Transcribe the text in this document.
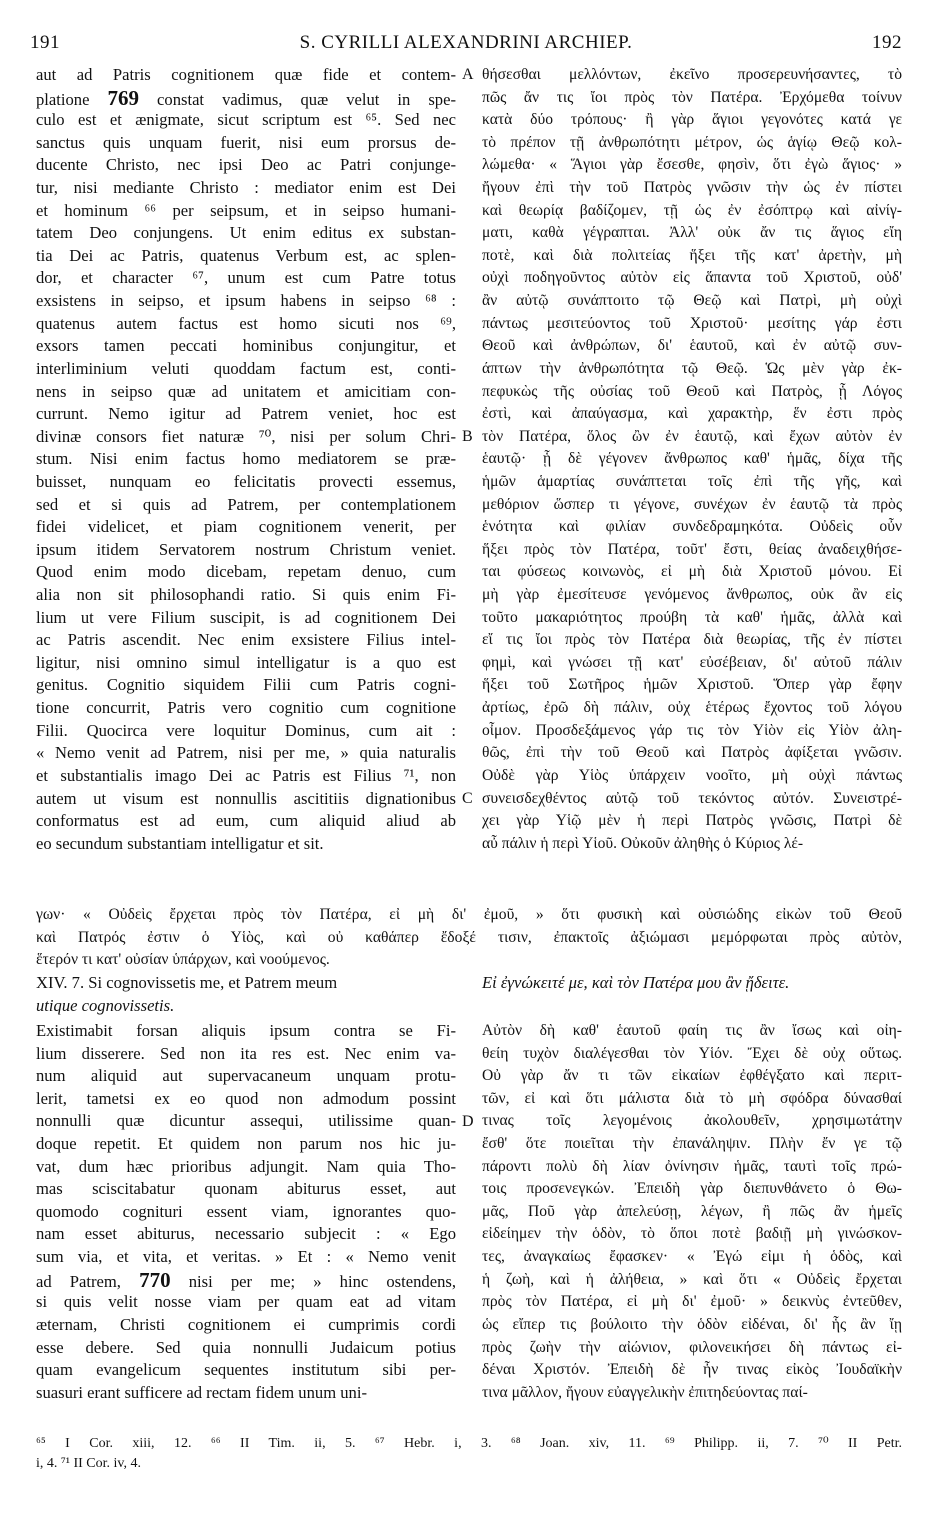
191	S. CYRILLI ALEXANDRINI ARCHIEP.	192
A
B
C
D
aut ad Patris cognitionem quæ fide et contem-
platione 769 constat vadimus, quæ velut in spe-
culo est et ænigmate, sicut scriptum est ⁶⁵. Sed nec
sanctus quis unquam fuerit, nisi eum prorsus de-
ducente Christo, nec ipsi Deo ac Patri conjunge-
tur, nisi mediante Christo : mediator enim est Dei
et hominum ⁶⁶ per seipsum, et in seipso humani-
tatem Deo conjungens. Ut enim editus ex substan-
tia Dei ac Patris, quatenus Verbum est, ac splen-
dor, et character ⁶⁷, unum est cum Patre totus
exsistens in seipso, et ipsum habens in seipso ⁶⁸ :
quatenus autem factus est homo sicuti nos ⁶⁹,
exsors tamen peccati hominibus conjungitur, et
interliminium veluti quoddam factum est, conti-
nens in seipso quæ ad unitatem et amicitiam con-
currunt. Nemo igitur ad Patrem veniet, hoc est
divinæ consors fiet naturæ ⁷⁰, nisi per solum Chri-
stum. Nisi enim factus homo mediatorem se præ-
buisset, nunquam eo felicitatis provecti essemus,
sed et si quis ad Patrem, per contemplationem
fidei videlicet, et piam cognitionem venerit, per
ipsum itidem Servatorem nostrum Christum veniet.
Quod enim modo dicebam, repetam denuo, cum
alia non sit philosophandi ratio. Si quis enim Fi-
lium ut vere Filium suscipit, is ad cognitionem Dei
ac Patris ascendit. Nec enim exsistere Filius intel-
ligitur, nisi omnino simul intelligatur is a quo est
genitus. Cognitio siquidem Filii cum Patris cogni-
tione concurrit, Patris vero cognitio cum cognitione
Filii. Quocirca vere loquitur Dominus, cum ait :
« Nemo venit ad Patrem, nisi per me, » quia naturalis
et substantialis imago Dei ac Patris est Filius ⁷¹, non
autem ut visum est nonnullis ascititiis dignationibus
conformatus est ad eum, cum aliquid aliud ab
eo secundum substantiam intelligatur et sit.
θήσεσθαι μελλόντων, ἐκεῖνο προσερευνήσαντες, τὸ
πῶς ἄν τις ἴοι πρὸς τὸν Πατέρα. Ἐρχόμεθα τοίνυν
κατὰ δύο τρόπους· ἢ γὰρ ἅγιοι γεγονότες κατά γε
τὸ πρέπον τῇ ἀνθρωπότητι μέτρον, ὡς ἁγίῳ Θεῷ κολ-
λώμεθα· « Ἅγιοι γὰρ ἔσεσθε, φησὶν, ὅτι ἐγὼ ἅγιος· »
ἤγουν ἐπὶ τὴν τοῦ Πατρὸς γνῶσιν τὴν ὡς ἐν πίστει
καὶ θεωρίᾳ βαδίζομεν, τῇ ὡς ἐν ἐσόπτρῳ καὶ αἰνίγ-
ματι, καθὰ γέγραπται. Ἀλλ' οὐκ ἄν τις ἅγιος εἴη
ποτὲ, καὶ διὰ πολιτείας ἥξει τῆς κατ' ἀρετὴν, μὴ
οὐχὶ ποδηγοῦντος αὐτὸν εἰς ἅπαντα τοῦ Χριστοῦ, οὐδ'
ἂν αὐτῷ συνάπτοιτο τῷ Θεῷ καὶ Πατρὶ, μὴ οὐχὶ
πάντως μεσιτεύοντος τοῦ Χριστοῦ· μεσίτης γάρ ἐστι
Θεοῦ καὶ ἀνθρώπων, δι' ἑαυτοῦ, καὶ ἐν αὐτῷ συν-
άπτων τὴν ἀνθρωπότητα τῷ Θεῷ. Ὡς μὲν γὰρ ἐκ-
πεφυκὼς τῆς οὐσίας τοῦ Θεοῦ καὶ Πατρὸς, ᾗ Λόγος
ἐστὶ, καὶ ἀπαύγασμα, καὶ χαρακτὴρ, ἕν ἐστι πρὸς
τὸν Πατέρα, ὅλος ὢν ἐν ἑαυτῷ, καὶ ἔχων αὐτὸν ἐν
ἑαυτῷ· ᾗ δὲ γέγονεν ἄνθρωπος καθ' ἡμᾶς, δίχα τῆς
ἡμῶν ἁμαρτίας συνάπτεται τοῖς ἐπὶ τῆς γῆς, καὶ
μεθόριον ὥσπερ τι γέγονε, συνέχων ἐν ἑαυτῷ τὰ πρὸς
ἑνότητα καὶ φιλίαν συνδεδραμηκότα. Οὐδεὶς οὖν
ἥξει πρὸς τὸν Πατέρα, τοῦτ' ἔστι, θείας ἀναδειχθήσε-
ται φύσεως κοινωνὸς, εἰ μὴ διὰ Χριστοῦ μόνου. Εἰ
μὴ γὰρ ἐμεσίτευσε γενόμενος ἄνθρωπος, οὐκ ἂν εἰς
τοῦτο μακαριότητος προύβη τὰ καθ' ἡμᾶς, ἀλλὰ καὶ
εἴ τις ἴοι πρὸς τὸν Πατέρα διὰ θεωρίας, τῆς ἐν πίστει
φημὶ, καὶ γνώσει τῇ κατ' εὐσέβειαν, δι' αὐτοῦ πάλιν
ἥξει τοῦ Σωτῆρος ἡμῶν Χριστοῦ. Ὅπερ γὰρ ἔφην
ἀρτίως, ἐρῶ δὴ πάλιν, οὐχ ἑτέρως ἔχοντος τοῦ λόγου
οἶμον. Προσδεξάμενος γάρ τις τὸν Υἱὸν εἰς Υἱὸν ἀλη-
θῶς, ἐπὶ τὴν τοῦ Θεοῦ καὶ Πατρὸς ἀφίξεται γνῶσιν.
Οὐδὲ γὰρ Υἱὸς ὑπάρχειν νοοῖτο, μὴ οὐχὶ πάντως
συνεισδεχθέντος αὐτῷ τοῦ τεκόντος αὐτόν. Συνειστρέ-
χει γὰρ Υἱῷ μὲν ἡ περὶ Πατρὸς γνῶσις, Πατρὶ δὲ
αὖ πάλιν ἡ περὶ Υἱοῦ. Οὐκοῦν ἀληθὴς ὁ Κύριος λέ-
γων· « Οὐδεὶς ἔρχεται πρὸς τὸν Πατέρα, εἰ μὴ δι' ἐμοῦ, » ὅτι φυσικὴ καὶ οὐσιώδης εἰκὼν τοῦ Θεοῦ
καὶ Πατρός ἐστιν ὁ Υἱὸς, καὶ οὐ καθάπερ ἔδοξέ τισιν, ἐπακτοῖς ἀξιώμασι μεμόρφωται πρὸς αὐτὸν,
ἕτερόν τι κατ' οὐσίαν ὑπάρχων, καὶ νοούμενος.
XIV. 7. Si cognovissetis me, et Patrem meum
utique cognovissetis.
Εἰ ἐγνώκειτέ με, καὶ τὸν Πατέρα μου ἂν ᾔδειτε.
Existimabit forsan aliquis ipsum contra se Fi-
lium disserere. Sed non ita res est. Nec enim va-
num aliquid aut supervacaneum unquam protu-
lerit, tametsi ex eo quod non admodum possint
nonnulli quæ dicuntur assequi, utilissime quan-
doque repetit. Et quidem non parum nos hic ju-
vat, dum hæc prioribus adjungit. Nam quia Tho-
mas sciscitabatur quonam abiturus esset, aut
quomodo cognituri essent viam, ignorantes quo-
nam esset abiturus, necessario subjecit : « Ego
sum via, et vita, et veritas. » Et : « Nemo venit
ad Patrem, 770 nisi per me; » hinc ostendens,
si quis velit nosse viam per quam eat ad vitam
æternam, Christi cognitionem ei cumprimis cordi
esse debere. Sed quia nonnulli Judaicum potius
quam evangelicum sequentes institutum sibi per-
suasuri erant sufficere ad rectam fidem unum uni-
Αὐτὸν δὴ καθ' ἑαυτοῦ φαίη τις ἂν ἴσως καὶ οἰη-
θείη τυχὸν διαλέγεσθαι τὸν Υἱόν. Ἔχει δὲ οὐχ οὕτως.
Οὐ γὰρ ἄν τι τῶν εἰκαίων ἐφθέγξατο καὶ περιτ-
τῶν, εἰ καὶ ὅτι μάλιστα διὰ τὸ μὴ σφόδρα δύνασθαί
τινας τοῖς λεγομένοις ἀκολουθεῖν, χρησιμωτάτην
ἔσθ' ὅτε ποιεῖται τὴν ἐπανάληψιν. Πλὴν ἔν γε τῷ
πάροντι πολὺ δὴ λίαν ὀνίνησιν ἡμᾶς, ταυτὶ τοῖς πρώ-
τοις προσενεγκών. Ἐπειδὴ γὰρ διεπυνθάνετο ὁ Θω-
μᾶς, Ποῦ γὰρ ἀπελεύσῃ, λέγων, ἢ πῶς ἂν ἡμεῖς
εἰδείημεν τὴν ὁδὸν, τὸ ὅποι ποτὲ βαδιῇ μὴ γινώσκον-
τες, ἀναγκαίως ἔφασκεν· « Ἐγώ εἰμι ἡ ὁδὸς, καὶ
ἡ ζωὴ, καὶ ἡ ἀλήθεια, » καὶ ὅτι « Οὐδεὶς ἔρχεται
πρὸς τὸν Πατέρα, εἰ μὴ δι' ἐμοῦ· » δεικνὺς ἐντεῦθεν,
ὡς εἴπερ τις βούλοιτο τὴν ὁδὸν εἰδέναι, δι' ἧς ἂν ἴῃ
πρὸς ζωὴν τὴν αἰώνιον, φιλονεικήσει δὴ πάντως εἰ-
δέναι Χριστόν. Ἐπειδὴ δὲ ἦν τινας εἰκὸς Ἰουδαϊκὴν
τινα μᾶλλον, ἤγουν εὐαγγελικὴν ἐπιτηδεύοντας παί-
⁶⁵ I Cor. xiii, 12. ⁶⁶ II Tim. ii, 5. ⁶⁷ Hebr. i, 3. ⁶⁸ Joan. xiv, 11. ⁶⁹ Philipp. ii, 7. ⁷⁰ II Petr.
i, 4. ⁷¹ II Cor. iv, 4.
